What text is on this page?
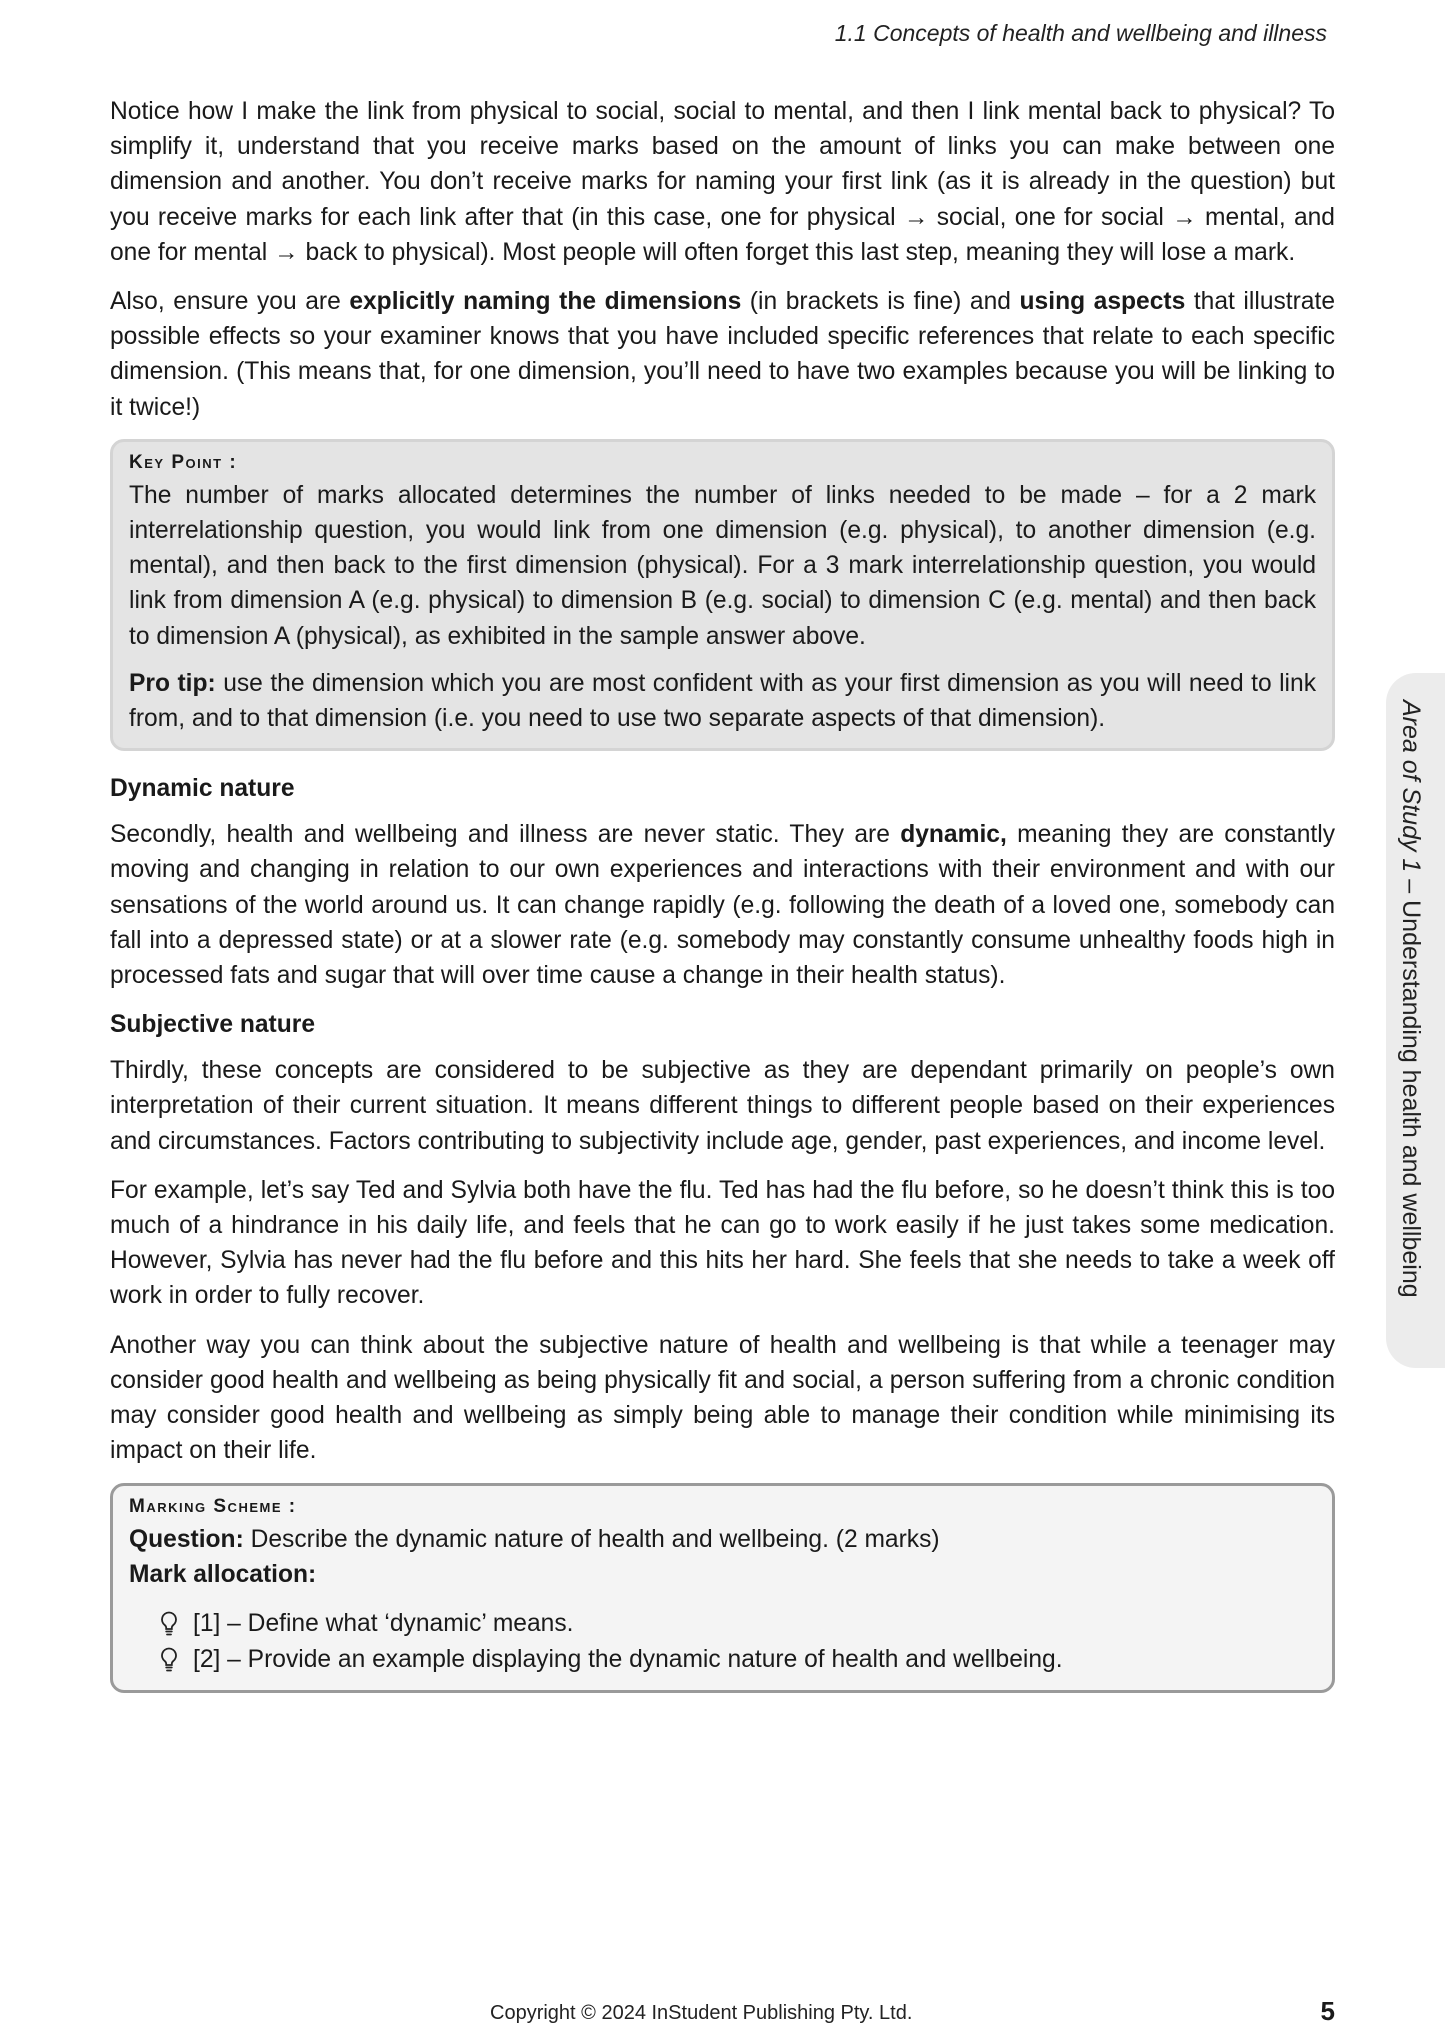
1.1 Concepts of health and wellbeing and illness

Notice how I make the link from physical to social, social to mental, and then I link mental back to physical? To simplify it, understand that you receive marks based on the amount of links you can make between one dimension and another. You don’t receive marks for naming your first link (as it is already in the question) but you receive marks for each link after that (in this case, one for physical → social, one for social → mental, and one for mental → back to physical). Most people will often forget this last step, meaning they will lose a mark.

Also, ensure you are explicitly naming the dimensions (in brackets is fine) and using aspects that illustrate possible effects so your examiner knows that you have included specific references that relate to each specific dimension. (This means that, for one dimension, you’ll need to have two examples because you will be linking to it twice!)

Key Point :

The number of marks allocated determines the number of links needed to be made – for a 2 mark interrelationship question, you would link from one dimension (e.g. physical), to another dimension (e.g. mental), and then back to the first dimension (physical). For a 3 mark interrelationship question, you would link from dimension A (e.g. physical) to dimension B (e.g. social) to dimension C (e.g. mental) and then back to dimension A (physical), as exhibited in the sample answer above.

Pro tip: use the dimension which you are most confident with as your first dimension as you will need to link from, and to that dimension (i.e. you need to use two separate aspects of that dimension).

Dynamic nature

Secondly, health and wellbeing and illness are never static. They are dynamic, meaning they are constantly moving and changing in relation to our own experiences and interactions with their environment and with our sensations of the world around us. It can change rapidly (e.g. following the death of a loved one, somebody can fall into a depressed state) or at a slower rate (e.g. somebody may constantly consume unhealthy foods high in processed fats and sugar that will over time cause a change in their health status).

Subjective nature

Thirdly, these concepts are considered to be subjective as they are dependant primarily on people’s own interpretation of their current situation. It means different things to different people based on their experiences and circumstances. Factors contributing to subjectivity include age, gender, past experiences, and income level.

For example, let’s say Ted and Sylvia both have the flu. Ted has had the flu before, so he doesn’t think this is too much of a hindrance in his daily life, and feels that he can go to work easily if he just takes some medication. However, Sylvia has never had the flu before and this hits her hard. She feels that she needs to take a week off work in order to fully recover.

Another way you can think about the subjective nature of health and wellbeing is that while a teenager may consider good health and wellbeing as being physically fit and social, a person suffering from a chronic condition may consider good health and wellbeing as simply being able to manage their condition while minimising its impact on their life.

Marking Scheme :
Question: Describe the dynamic nature of health and wellbeing. (2 marks)
Mark allocation:
[1] – Define what ‘dynamic’ means.
[2] – Provide an example displaying the dynamic nature of health and wellbeing.
Area of Study 1 – Understanding health and wellbeing
Copyright © 2024 InStudent Publishing Pty. Ltd.	5
